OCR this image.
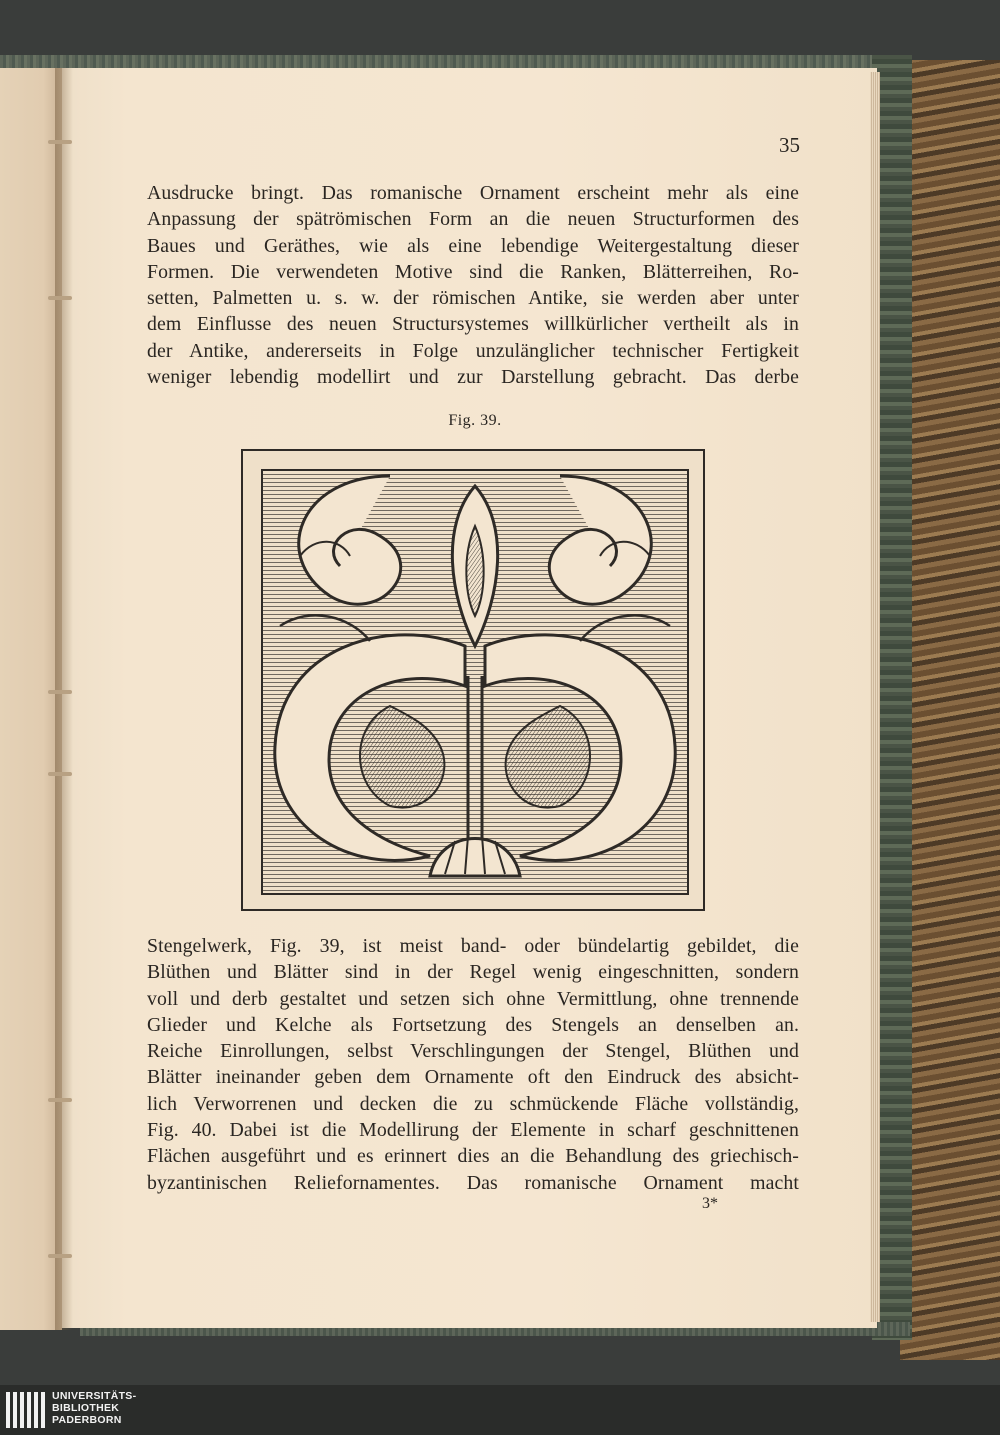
35
Ausdrucke bringt. Das romanische Ornament erscheint mehr als eine
Anpassung der spätrömischen Form an die neuen Structurformen des
Baues und Geräthes, wie als eine lebendige Weitergestaltung dieser
Formen. Die verwendeten Motive sind die Ranken, Blätterreihen, Ro-
setten, Palmetten u. s. w. der römischen Antike, sie werden aber unter
dem Einflusse des neuen Structursystemes willkürlicher vertheilt als in
der Antike, andererseits in Folge unzulänglicher technischer Fertigkeit
weniger lebendig modellirt und zur Darstellung gebracht. Das derbe
Fig. 39.
Stengelwerk, Fig. 39, ist meist band- oder bündelartig gebildet, die
Blüthen und Blätter sind in der Regel wenig eingeschnitten, sondern
voll und derb gestaltet und setzen sich ohne Vermittlung, ohne trennende
Glieder und Kelche als Fortsetzung des Stengels an denselben an.
Reiche Einrollungen, selbst Verschlingungen der Stengel, Blüthen und
Blätter ineinander geben dem Ornamente oft den Eindruck des absicht-
lich Verworrenen und decken die zu schmückende Fläche vollständig,
Fig. 40. Dabei ist die Modellirung der Elemente in scharf geschnittenen
Flächen ausgeführt und es erinnert dies an die Behandlung des griechisch-
byzantinischen Reliefornamentes. Das romanische Ornament macht
3*
UNIVERSITÄTS-
BIBLIOTHEK
PADERBORN
